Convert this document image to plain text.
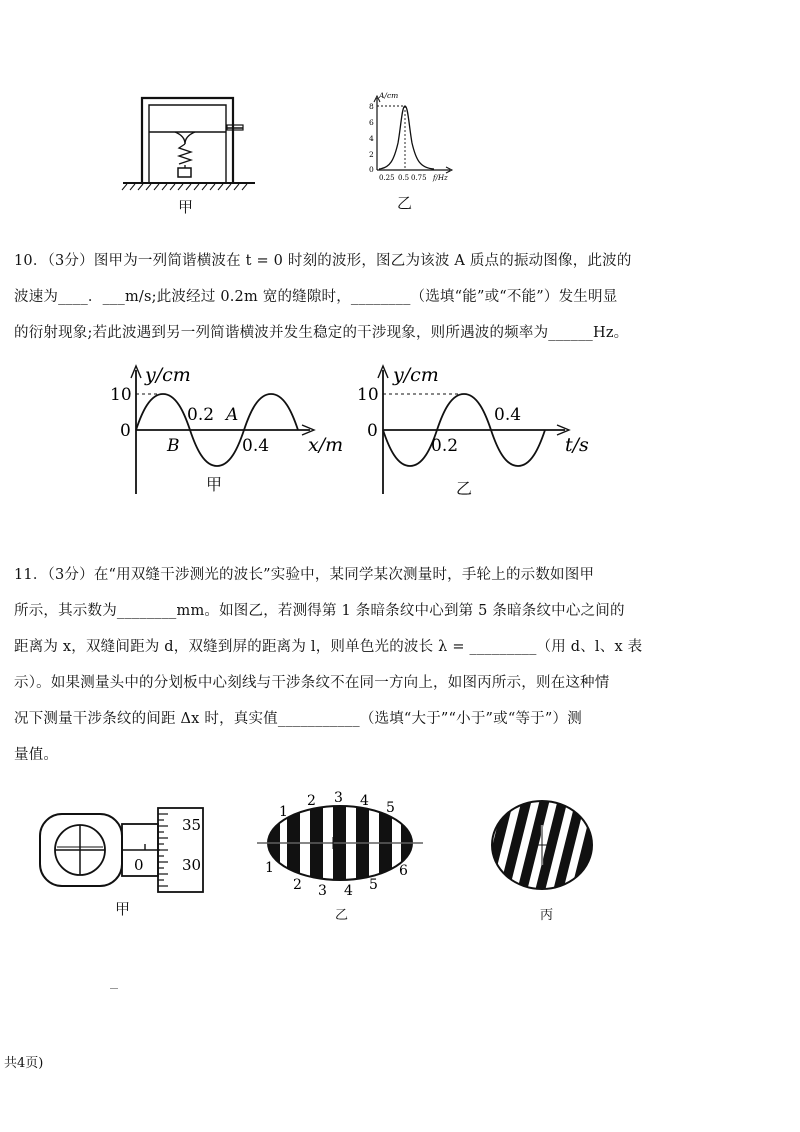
甲
A/cm
8
6
4
2
0
0.25 0.5 0.75 f/Hz
乙
10．（3分）图甲为一列简谐横波在 t = 0 时刻的波形，图乙为该波 A 质点的振动图像，此波的
波速为____．___m/s;此波经过 0.2m 宽的缝隙时，________（选填“能”或“不能”）发生明显
的衍射现象;若此波遇到另一列简谐横波并发生稳定的干涉现象，则所遇波的频率为______Hz。
y/cm
10
0
0.2 A
B	0.4 x/m
甲
y/cm
10
0
0.2
0.4
t/s
乙
11．（3分）在“用双缝干涉测光的波长”实验中，某同学某次测量时，手轮上的示数如图甲
所示，其示数为________mm。如图乙，若测得第 1 条暗条纹中心到第 5 条暗条纹中心之间的
距离为 x，双缝间距为 d，双缝到屏的距离为 l，则单色光的波长 λ = _________（用 d、l、x 表
示）。如果测量头中的分划板中心刻线与干涉条纹不在同一方向上，如图丙所示，则在这种情
况下测量干涉条纹的间距 Δx 时，真实值___________（选填“大于”“小于”或“等于”）测
量值。
35
30
0
甲
1
2 3 4 5
1
2 3 4 5
6
乙	丙
共4页)
